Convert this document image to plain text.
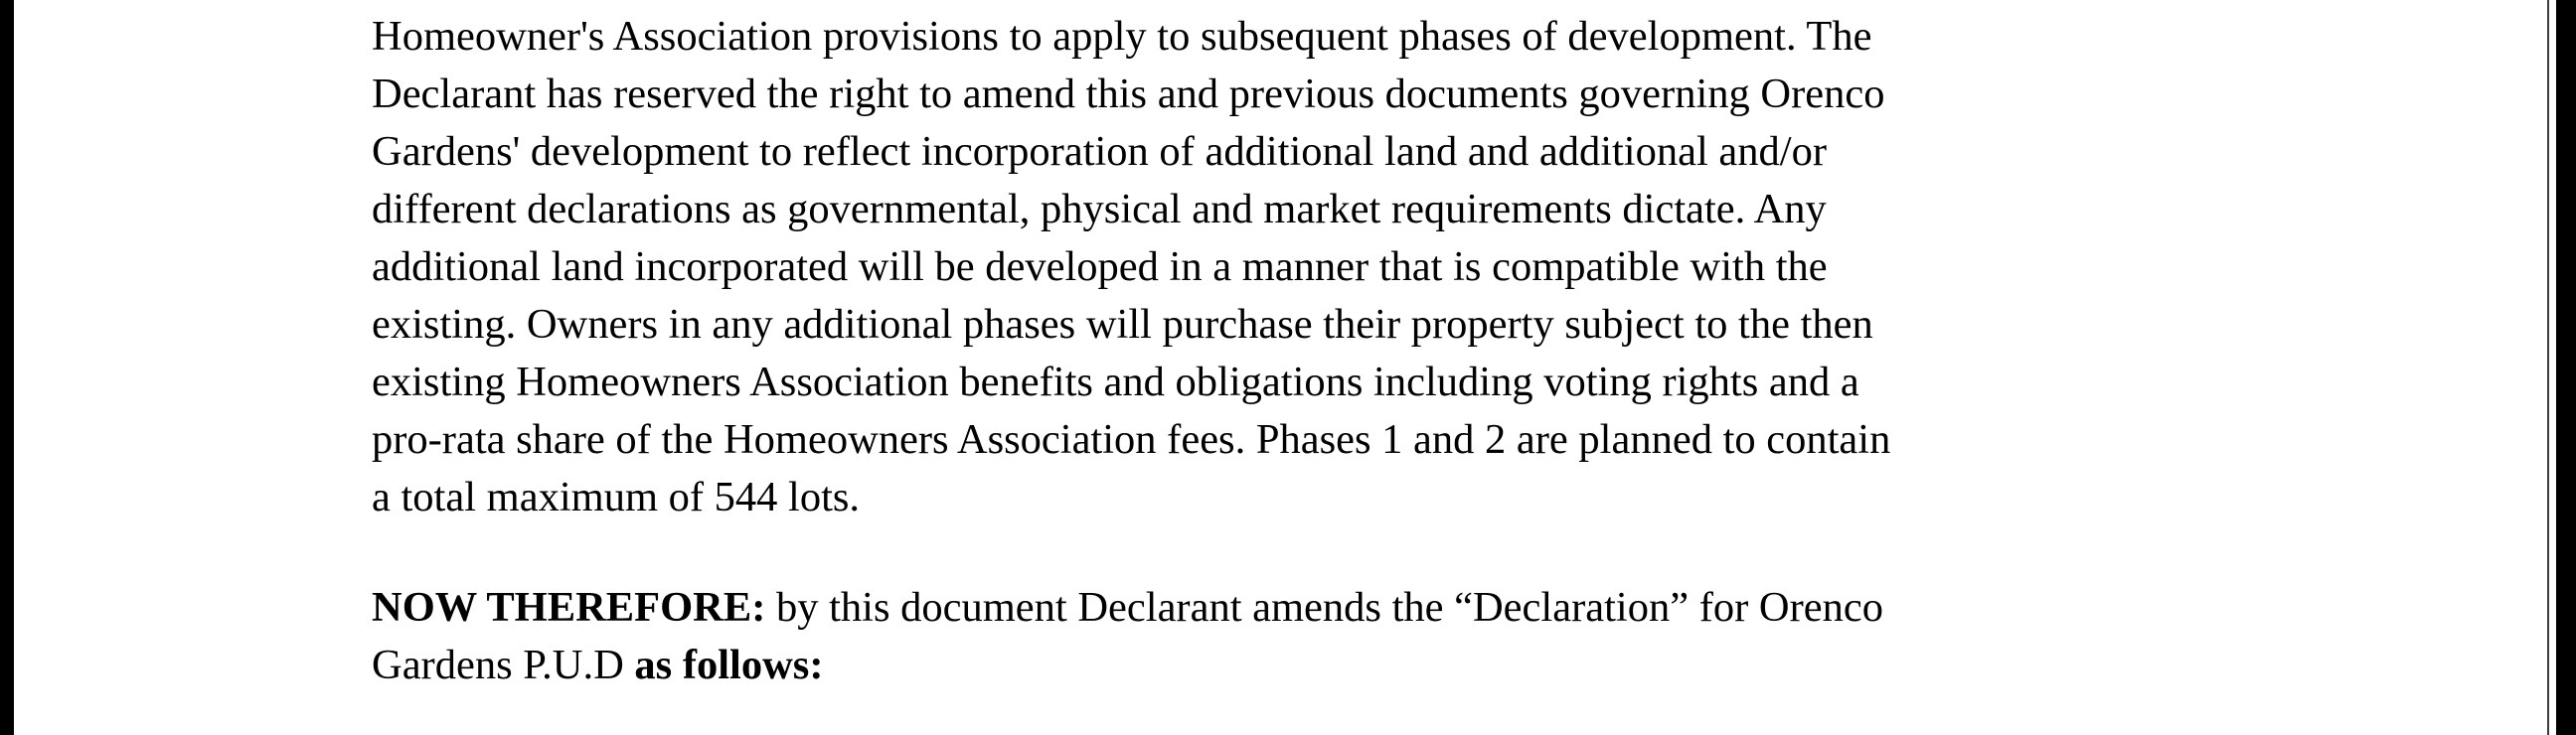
Homeowner's Association provisions to apply to subsequent phases of development. The
Declarant has reserved the right to amend this and previous documents governing Orenco
Gardens' development to reflect incorporation of additional land and additional and/or
different declarations as governmental, physical and market requirements dictate. Any
additional land incorporated will be developed in a manner that is compatible with the
existing. Owners in any additional phases will purchase their property subject to the then
existing Homeowners Association benefits and obligations including voting rights and a
pro-rata share of the Homeowners Association fees. Phases 1 and 2 are planned to contain
a total maximum of 544 lots.

NOW THEREFORE: by this document Declarant amends the “Declaration” for Orenco
Gardens P.U.D as follows:
